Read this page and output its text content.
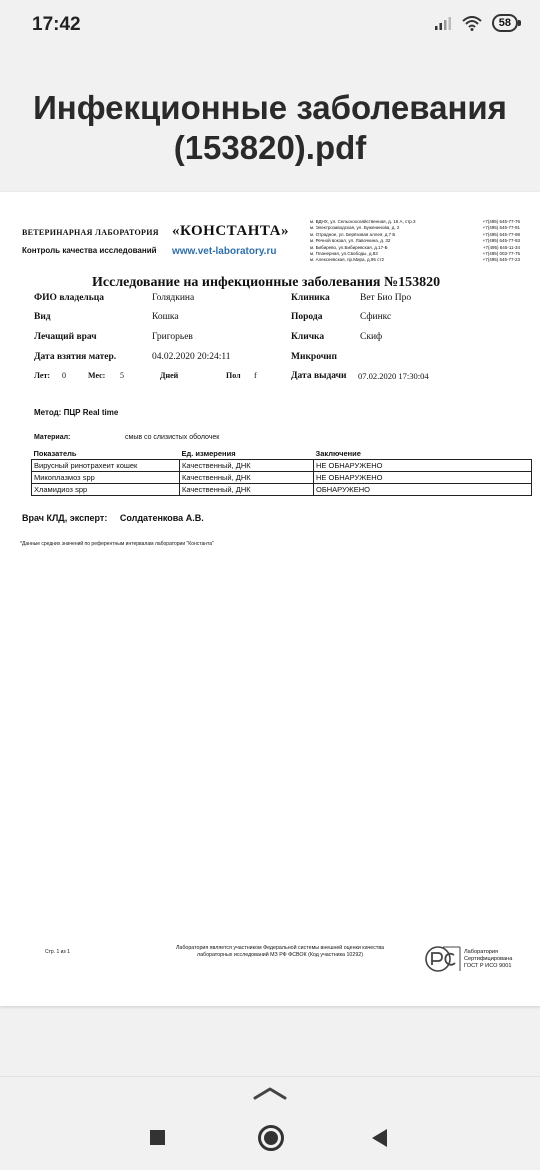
17:42	58
Инфекционные заболевания
(153820).pdf
ВЕТЕРИНАРНАЯ ЛАБОРАТОРИЯ «КОНСТАНТА»
Контроль качества исследований www.vet-laboratory.ru
м. ВДНХ, ул. Сельскохозяйственная, д. 16 А, стр.3	+7(495) 645-77-76
м. Электрозаводская, ул. Буженинова, д. 2	+7(495) 645-77-91
м. Отрадное, ул. Берёзовая аллея, д.7 Б	+7(495) 645-77-98
м. Речной вокзал, ул. Лавочкина, д. 32	+7(495) 645-77-93
м. Бибирево, ул.Бибиревская, д.17-Б	+7(495) 645-11-34
м. Планерная, ул.Свободы, д.83	+7(495) 003-77-75
м. Алексеевская, пр.Мира, д.95 ст2	+7(495) 645-77-23
Исследование на инфекционные заболевания №153820
ФИО владельца	Голядкина	Клиника	Вет Био Про
Вид	Кошка	Порода	Сфинкс
Лечащий врач	Григорьев	Кличка	Скиф
Дата взятия матер.	04.02.2020 20:24:11	Микрочип
Лет: 0	Мес: 5	Дней	Пол f	Дата выдачи 07.02.2020 17:30:04
Метод: ПЦР Real time
Материал:	смыв со слизистых оболочек
Показатель	Ед. измерения	Заключение
Вирусный ринотрахеит кошек	Качественный, ДНК	НЕ ОБНАРУЖЕНО
Микоплазмоз spp	Качественный, ДНК	НЕ ОБНАРУЖЕНО
Хламидиоз spp	Качественный, ДНК	ОБНАРУЖЕНО
Врач КЛД, эксперт: Солдатенкова А.В.
*Данные средних значений по референтным интервалам лаборатории "Константа"
Стр. 1 из 1
Лаборатория является участником Федеральной системы внешней оценки качества
лабораторных исследований МЗ РФ ФСВОК (Код участника 10292)	Лаборатория
Сертифицирована
ГОСТ Р ИСО 9001
